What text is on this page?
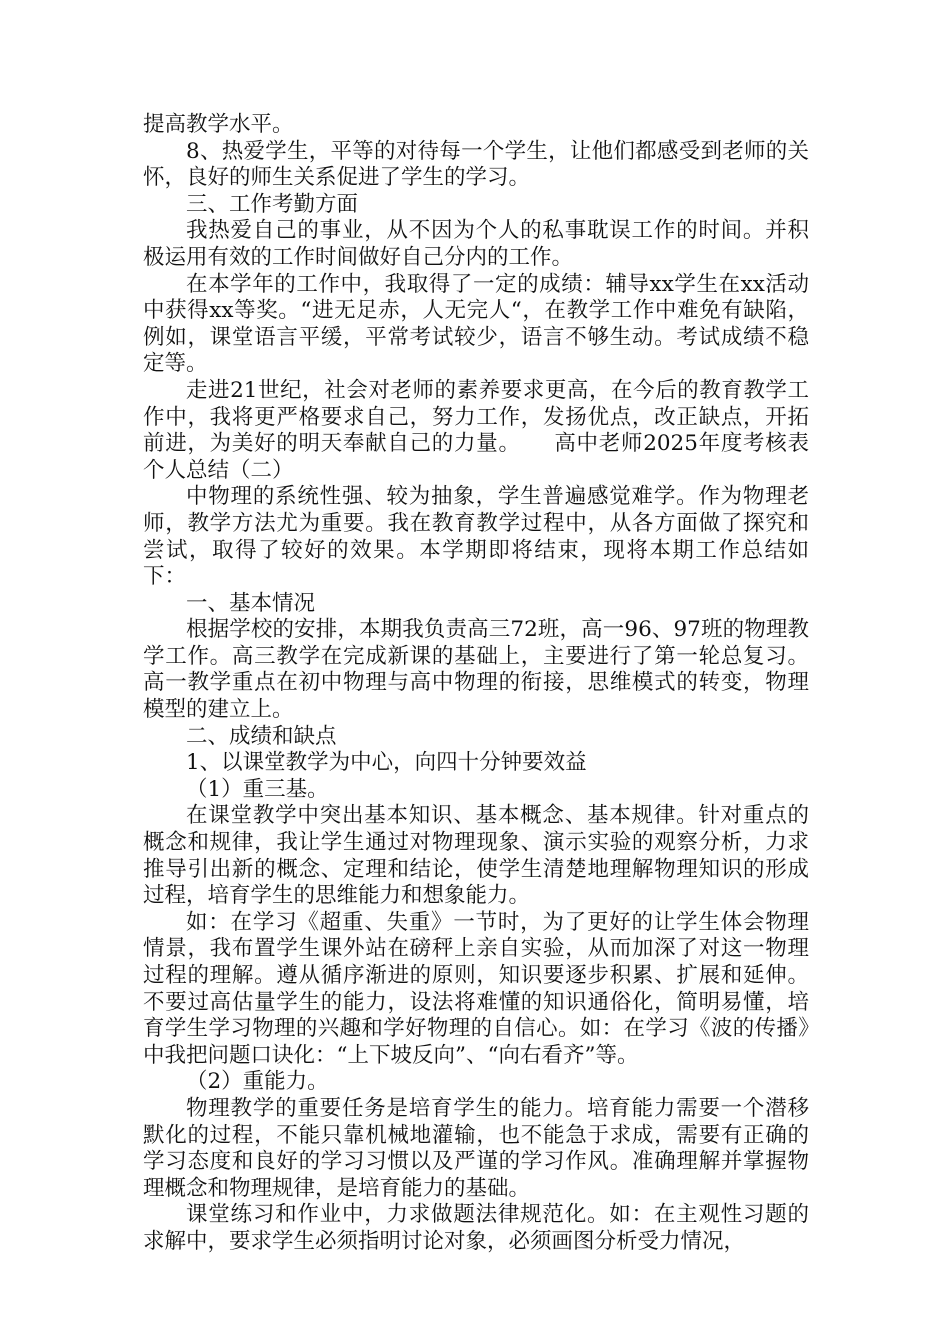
提高教学水平。

8、热爱学生，平等的对待每一个学生，让他们都感受到老师的关怀，良好的师生关系促进了学生的学习。

三、工作考勤方面

我热爱自己的事业，从不因为个人的私事耽误工作的时间。并积极运用有效的工作时间做好自己分内的工作。

在本学年的工作中，我取得了一定的成绩：辅导xx学生在xx活动中获得xx等奖。“进无足赤，人无完人“，在教学工作中难免有缺陷，例如，课堂语言平缓，平常考试较少，语言不够生动。考试成绩不稳定等。

走进21世纪，社会对老师的素养要求更高，在今后的教育教学工作中，我将更严格要求自己，努力工作，发扬优点，改正缺点，开拓前进，为美好的明天奉献自己的力量。　　高中老师2025年度考核表个人总结（二）

中物理的系统性强、较为抽象，学生普遍感觉难学。作为物理老师，教学方法尤为重要。我在教育教学过程中，从各方面做了探究和尝试，取得了较好的效果。本学期即将结束，现将本期工作总结如下：

一、基本情况

根据学校的安排，本期我负责高三72班，高一96、97班的物理教学工作。高三教学在完成新课的基础上，主要进行了第一轮总复习。高一教学重点在初中物理与高中物理的衔接，思维模式的转变，物理模型的建立上。

二、成绩和缺点

1、以课堂教学为中心，向四十分钟要效益

（1）重三基。

在课堂教学中突出基本知识、基本概念、基本规律。针对重点的概念和规律，我让学生通过对物理现象、演示实验的观察分析，力求推导引出新的概念、定理和结论，使学生清楚地理解物理知识的形成过程，培育学生的思维能力和想象能力。

如：在学习《超重、失重》一节时，为了更好的让学生体会物理情景，我布置学生课外站在磅秤上亲自实验，从而加深了对这一物理过程的理解。遵从循序渐进的原则，知识要逐步积累、扩展和延伸。不要过高估量学生的能力，设法将难懂的知识通俗化，简明易懂，培育学生学习物理的兴趣和学好物理的自信心。如：在学习《波的传播》中我把问题口诀化：“上下坡反向”、“向右看齐”等。

（2）重能力。

物理教学的重要任务是培育学生的能力。培育能力需要一个潜移默化的过程，不能只靠机械地灌输，也不能急于求成，需要有正确的学习态度和良好的学习习惯以及严谨的学习作风。准确理解并掌握物理概念和物理规律，是培育能力的基础。

课堂练习和作业中，力求做题法律规范化。如：在主观性习题的求解中，要求学生必须指明讨论对象，必须画图分析受力情况，
